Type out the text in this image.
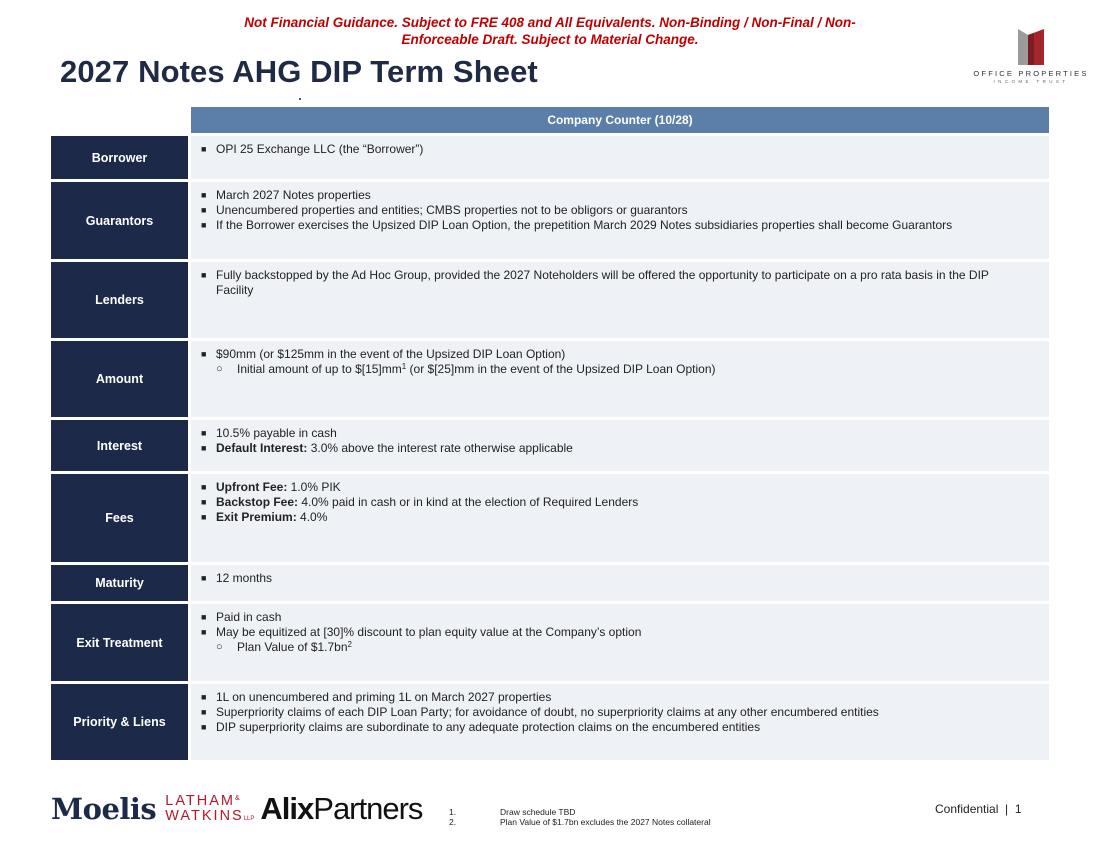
Not Financial Guidance. Subject to FRE 408 and All Equivalents. Non-Binding / Non-Final / Non-
Enforceable Draft. Subject to Material Change.
2027 Notes AHG DIP Term Sheet	OFFICE PROPERTIES
INCOME TRUST
Company Counter (10/28)
Borrower
■ OPI 25 Exchange LLC (the “Borrower”)
Guarantors
■ March 2027 Notes properties
■ Unencumbered properties and entities; CMBS properties not to be obligors or guarantors
■ If the Borrower exercises the Upsized DIP Loan Option, the prepetition March 2029 Notes subsidiaries properties shall become Guarantors
Lenders
■ Fully backstopped by the Ad Hoc Group, provided the 2027 Noteholders will be offered the opportunity to participate on a pro rata basis in the DIP Facility
Amount
■ $90mm (or $125mm in the event of the Upsized DIP Loan Option)
○	Initial amount of up to $\$[15]mm^1$ (or $[25]mm in the event of the Upsized DIP Loan Option)
Interest
■ 10.5% payable in cash
■ Default Interest: 3.0% above the interest rate otherwise applicable
Fees
■ Upfront Fee: 1.0% PIK
■ Backstop Fee: 4.0% paid in cash or in kind at the election of Required Lenders
■ Exit Premium: 4.0%
Maturity	■ 12 months
Exit Treatment
■ Paid in cash
■ May be equitized at [30]% discount to plan equity value at the Company’s option
○	Plan Value of $\$1.7bn^2$
Priority & Liens
■ 1L on unencumbered and priming 1L on March 2027 properties
■ Superpriority claims of each DIP Loan Party; for avoidance of doubt, no superpriority claims at any other encumbered entities
■ DIP superpriority claims are subordinate to any adequate protection claims on the encumbered entities
Moelis LATHAM&
WATKINSLLP AlixPartners	1.	Draw schedule TBD
2.	Plan Value of $1.7bn excludes the 2027 Notes collateral
Confidential | 1
